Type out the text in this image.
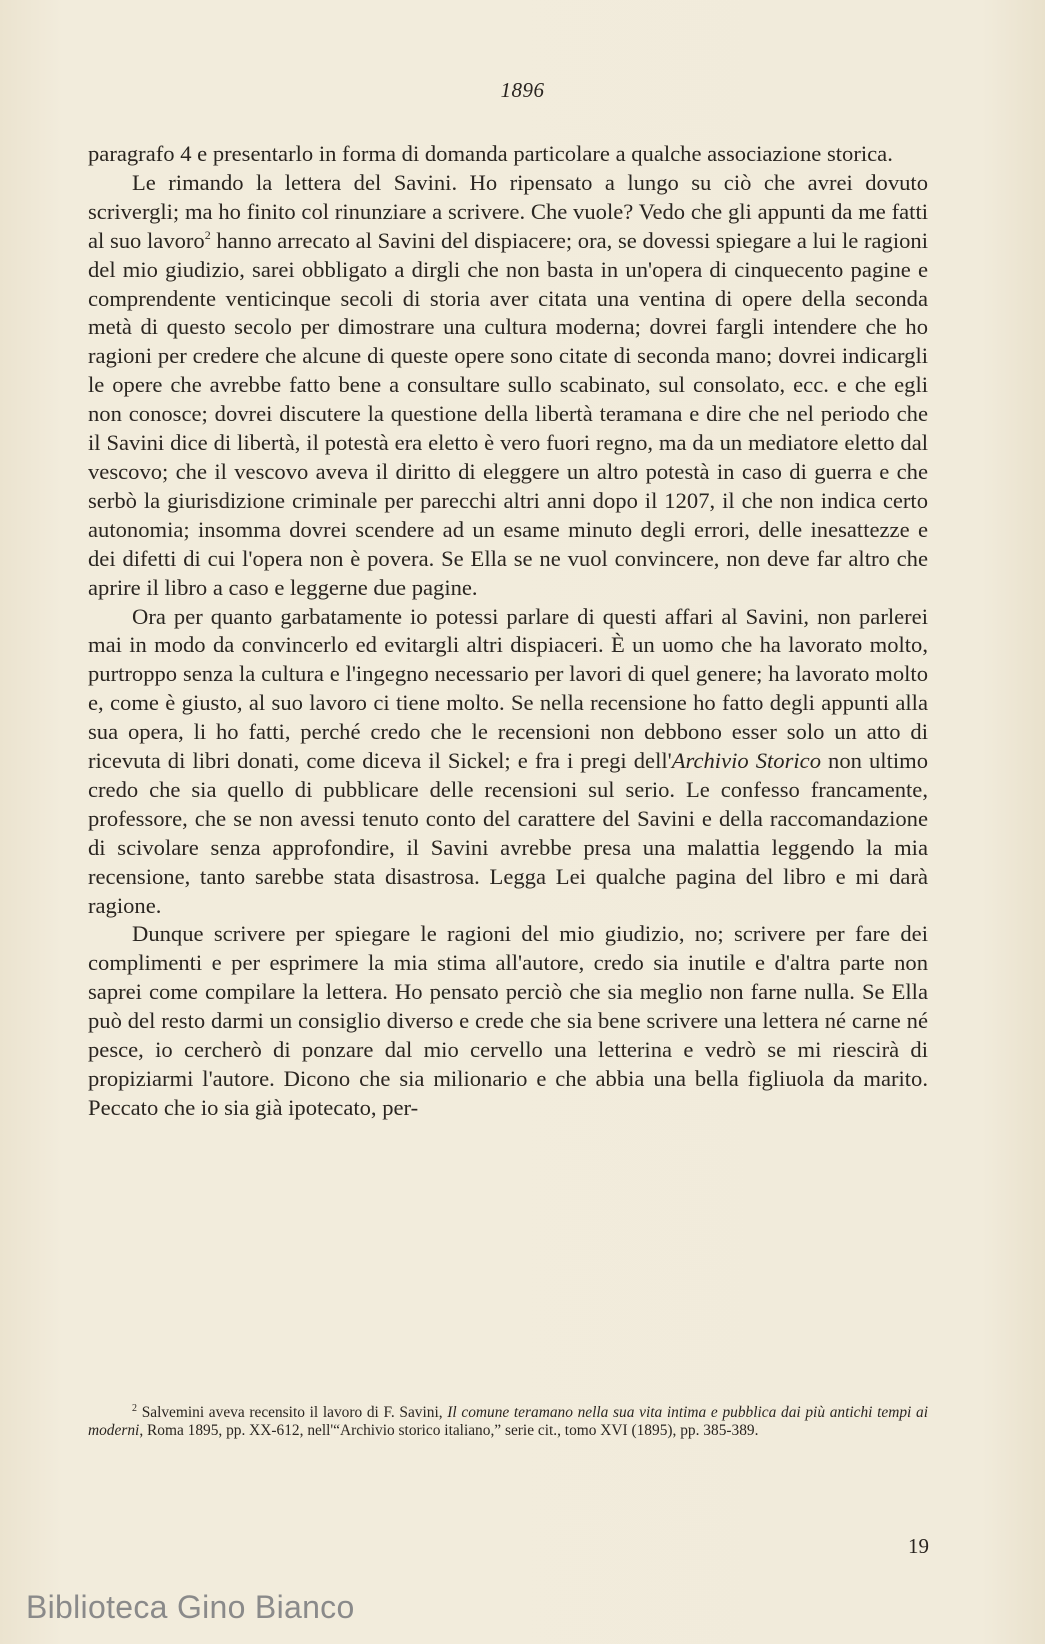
1896

paragrafo 4 e presentarlo in forma di domanda particolare a qualche associazione storica.

Le rimando la lettera del Savini. Ho ripensato a lungo su ciò che avrei dovuto scrivergli; ma ho finito col rinunziare a scrivere. Che vuole? Vedo che gli appunti da me fatti al suo lavoro$^2$ hanno arrecato al Savini del dispiacere; ora, se dovessi spiegare a lui le ragioni del mio giudizio, sarei obbligato a dirgli che non basta in un'opera di cinquecento pagine e comprendente venticinque secoli di storia aver citata una ventina di opere della seconda metà di questo secolo per dimostrare una cultura moderna; dovrei fargli intendere che ho ragioni per credere che alcune di queste opere sono citate di seconda mano; dovrei indicargli le opere che avrebbe fatto bene a consultare sullo scabinato, sul consolato, ecc. e che egli non conosce; dovrei discutere la questione della libertà teramana e dire che nel periodo che il Savini dice di libertà, il potestà era eletto è vero fuori regno, ma da un mediatore eletto dal vescovo; che il vescovo aveva il diritto di eleggere un altro potestà in caso di guerra e che serbò la giurisdizione criminale per parecchi altri anni dopo il 1207, il che non indica certo autonomia; insomma dovrei scendere ad un esame minuto degli errori, delle inesattezze e dei difetti di cui l'opera non è povera. Se Ella se ne vuol convincere, non deve far altro che aprire il libro a caso e leggerne due pagine.

Ora per quanto garbatamente io potessi parlare di questi affari al Savini, non parlerei mai in modo da convincerlo ed evitargli altri dispiaceri. È un uomo che ha lavorato molto, purtroppo senza la cultura e l'ingegno necessario per lavori di quel genere; ha lavorato molto e, come è giusto, al suo lavoro ci tiene molto. Se nella recensione ho fatto degli appunti alla sua opera, li ho fatti, perché credo che le recensioni non debbono esser solo un atto di ricevuta di libri donati, come diceva il Sickel; e fra i pregi dell'Archivio Storico non ultimo credo che sia quello di pubblicare delle recensioni sul serio. Le confesso francamente, professore, che se non avessi tenuto conto del carattere del Savini e della raccomandazione di scivolare senza approfondire, il Savini avrebbe presa una malattia leggendo la mia recensione, tanto sarebbe stata disastrosa. Legga Lei qualche pagina del libro e mi darà ragione.

Dunque scrivere per spiegare le ragioni del mio giudizio, no; scrivere per fare dei complimenti e per esprimere la mia stima all'autore, credo sia inutile e d'altra parte non saprei come compilare la lettera. Ho pensato perciò che sia meglio non farne nulla. Se Ella può del resto darmi un consiglio diverso e crede che sia bene scrivere una lettera né carne né pesce, io cercherò di ponzare dal mio cervello una letterina e vedrò se mi riescirà di propiziarmi l'autore. Dicono che sia milionario e che abbia una bella figliuola da marito. Peccato che io sia già ipotecato, per-

$^2$ Salvemini aveva recensito il lavoro di F. Savini, Il comune teramano nella sua vita intima e pubblica dai più antichi tempi ai moderni, Roma 1895, pp. XX-612, nell'“Archivio storico italiano,” serie cit., tomo XVI (1895), pp. 385-389.
19
Biblioteca Gino Bianco
